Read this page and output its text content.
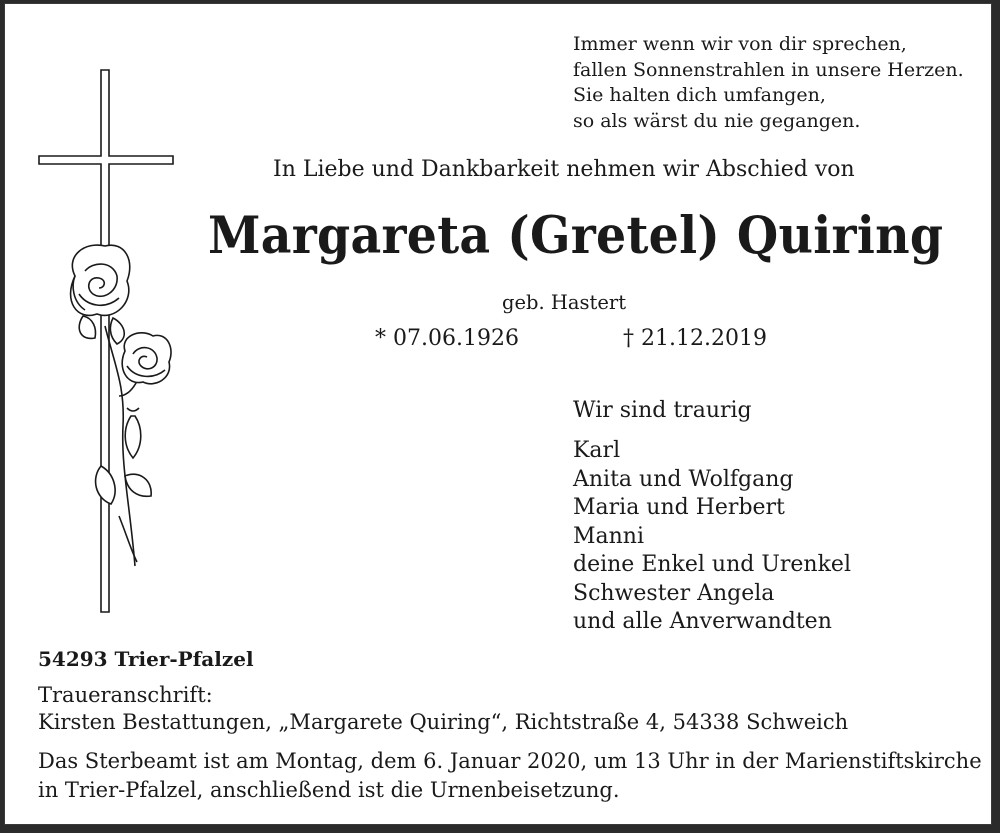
Immer wenn wir von dir sprechen,
fallen Sonnenstrahlen in unsere Herzen.
Sie halten dich umfangen,
so als wärst du nie gegangen.
In Liebe und Dankbarkeit nehmen wir Abschied von
Margareta (Gretel) Quiring
geb. Hastert
* 07.06.1926	† 21.12.2019
Wir sind traurig
Karl
Anita und Wolfgang
Maria und Herbert
Manni
deine Enkel und Urenkel
Schwester Angela
und alle Anverwandten
54293 Trier-Pfalzel
Traueranschrift:
Kirsten Bestattungen, „Margarete Quiring“, Richtstraße 4, 54338 Schweich
Das Sterbeamt ist am Montag, dem 6. Januar 2020, um 13 Uhr in der Marienstiftskirche
in Trier-Pfalzel, anschließend ist die Urnenbeisetzung.
